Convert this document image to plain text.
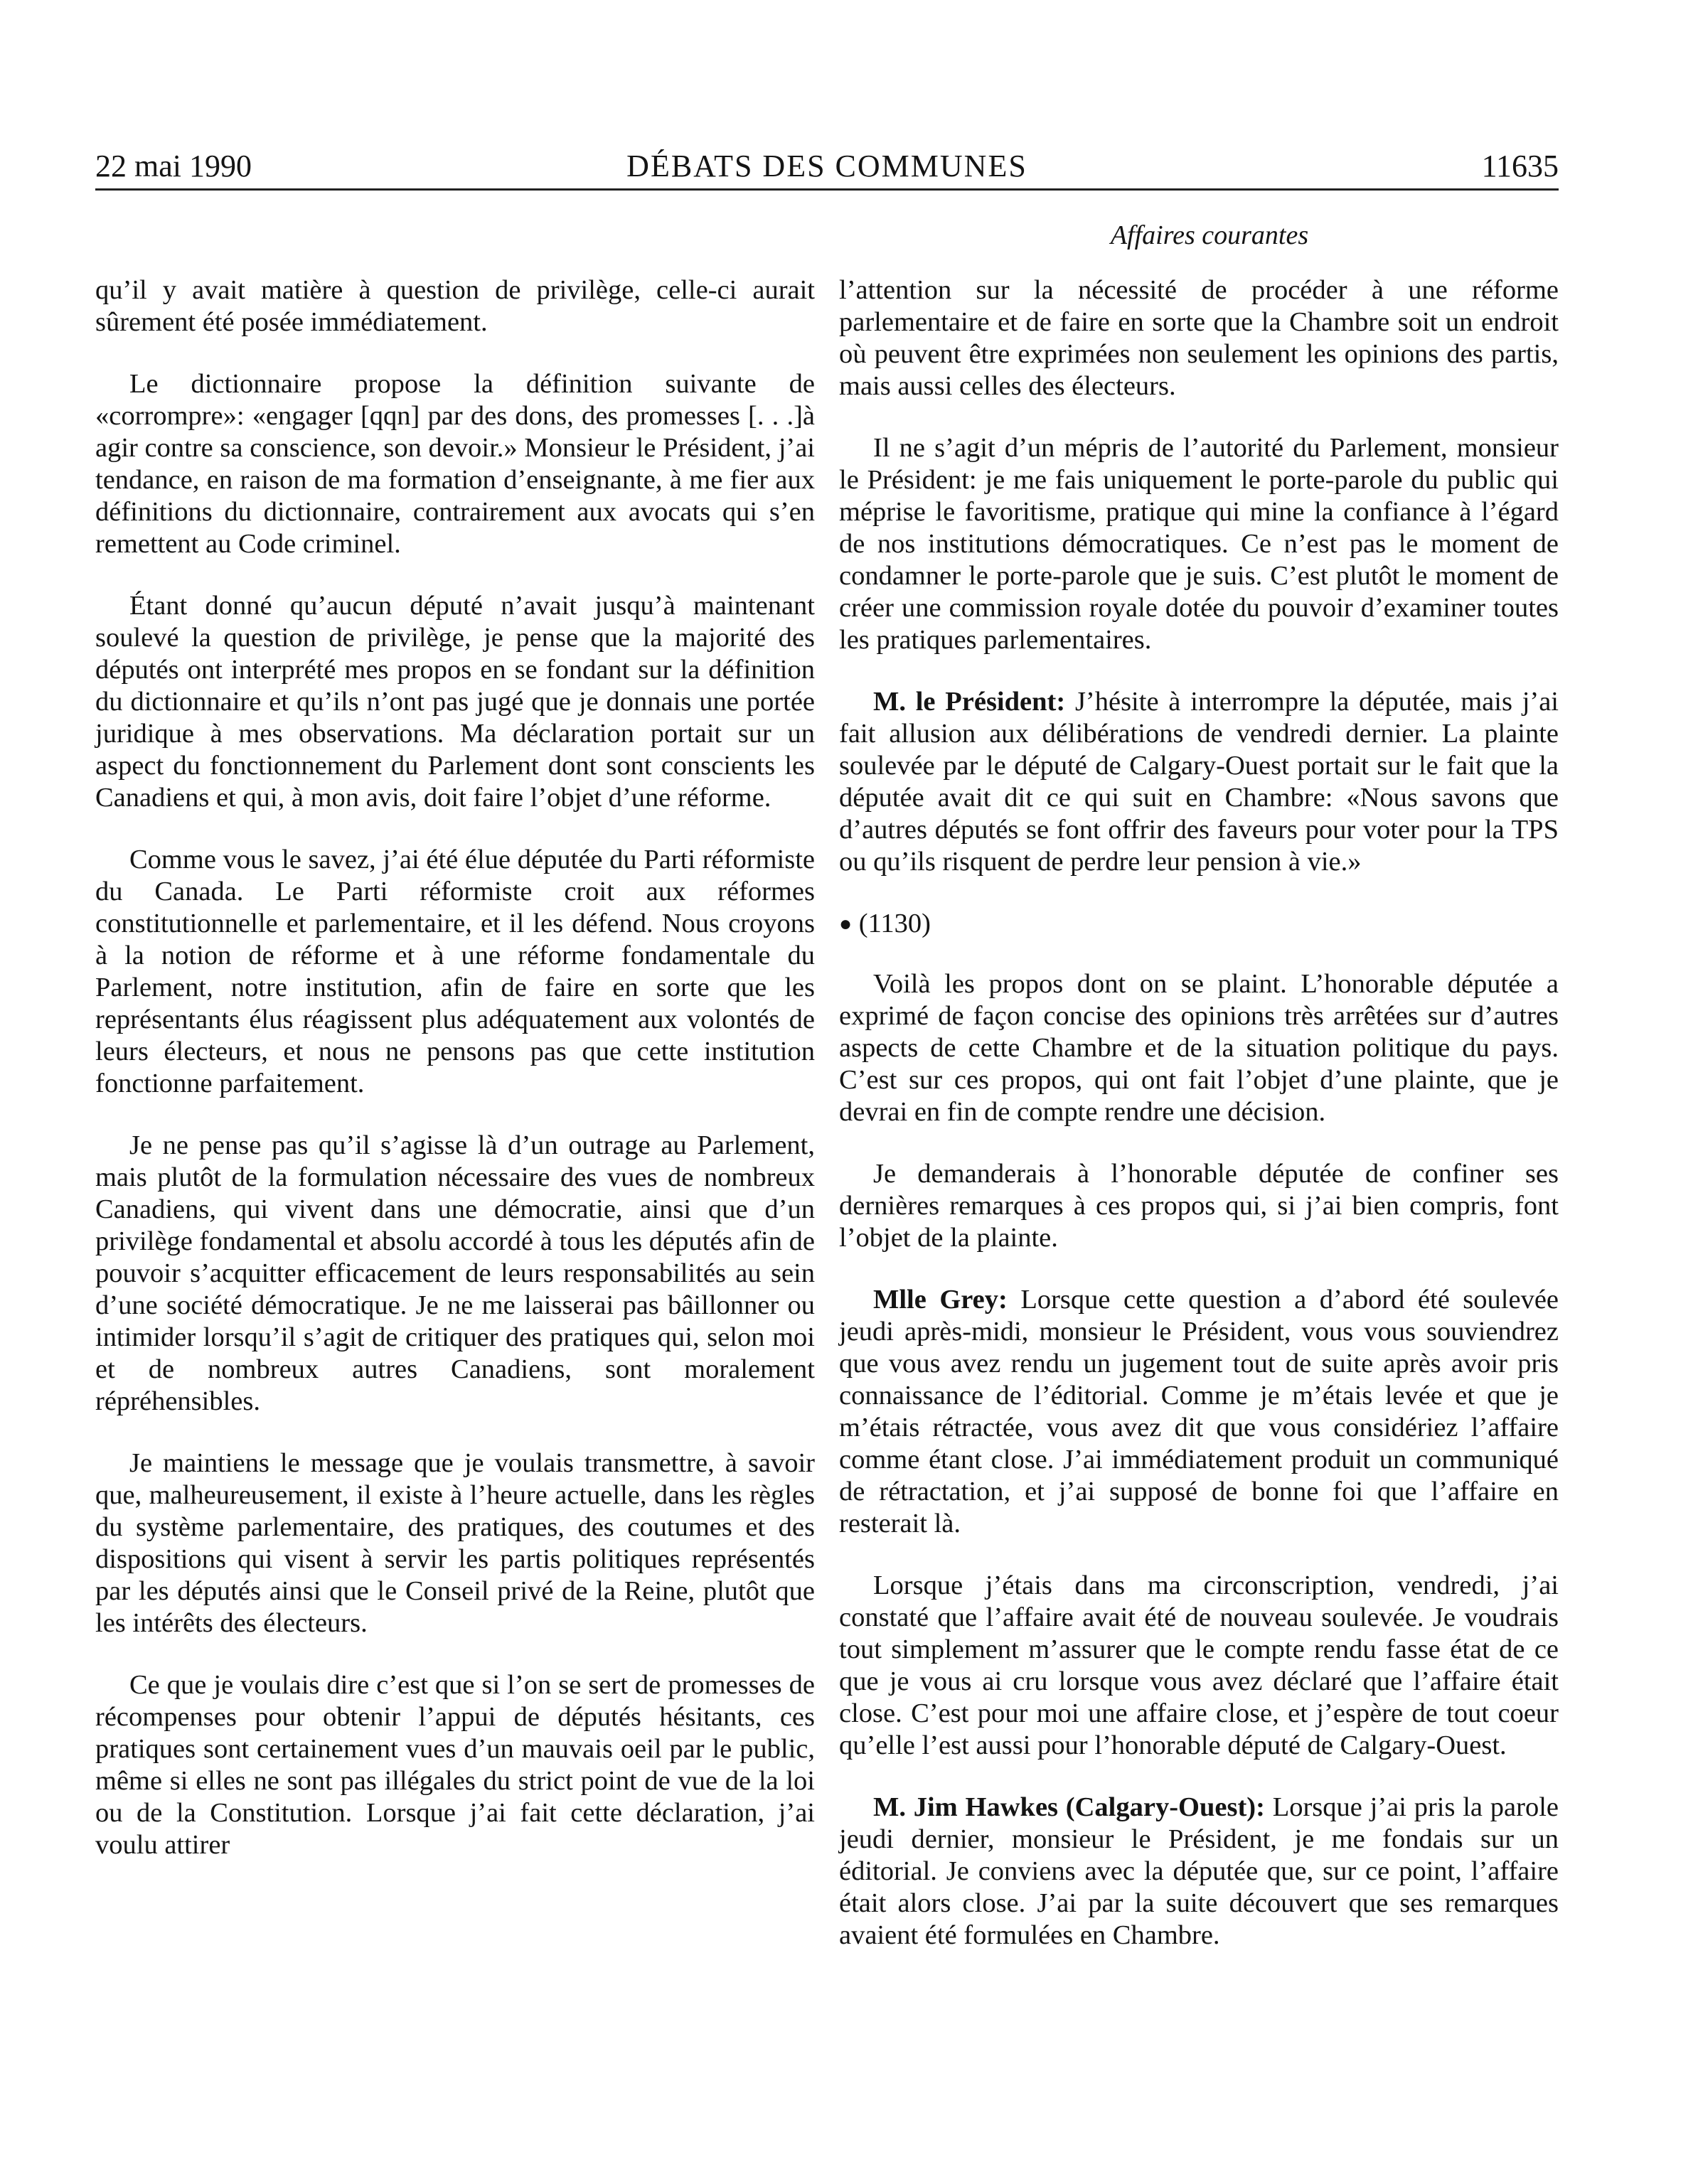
22 mai 1990	DÉBATS DES COMMUNES	11635
Affaires courantes

qu’il y avait matière à question de privilège, celle-ci aurait sûrement été posée immédiatement.

Le dictionnaire propose la définition suivante de «corrompre»: «engager [qqn] par des dons, des promesses [. . .]à agir contre sa conscience, son devoir.» Monsieur le Président, j’ai tendance, en raison de ma formation d’enseignante, à me fier aux définitions du dictionnaire, contrairement aux avocats qui s’en remettent au Code criminel.

Étant donné qu’aucun député n’avait jusqu’à maintenant soulevé la question de privilège, je pense que la majorité des députés ont interprété mes propos en se fondant sur la définition du dictionnaire et qu’ils n’ont pas jugé que je donnais une portée juridique à mes observations. Ma déclaration portait sur un aspect du fonctionnement du Parlement dont sont conscients les Canadiens et qui, à mon avis, doit faire l’objet d’une réforme.

Comme vous le savez, j’ai été élue députée du Parti réformiste du Canada. Le Parti réformiste croit aux réformes constitutionnelle et parlementaire, et il les défend. Nous croyons à la notion de réforme et à une réforme fondamentale du Parlement, notre institution, afin de faire en sorte que les représentants élus réagissent plus adéquatement aux volontés de leurs électeurs, et nous ne pensons pas que cette institution fonctionne parfaitement.

Je ne pense pas qu’il s’agisse là d’un outrage au Parlement, mais plutôt de la formulation nécessaire des vues de nombreux Canadiens, qui vivent dans une démocratie, ainsi que d’un privilège fondamental et absolu accordé à tous les députés afin de pouvoir s’acquitter efficacement de leurs responsabilités au sein d’une société démocratique. Je ne me laisserai pas bâillonner ou intimider lorsqu’il s’agit de critiquer des pratiques qui, selon moi et de nombreux autres Canadiens, sont moralement répréhensibles.

Je maintiens le message que je voulais transmettre, à savoir que, malheureusement, il existe à l’heure actuelle, dans les règles du système parlementaire, des pratiques, des coutumes et des dispositions qui visent à servir les partis politiques représentés par les députés ainsi que le Conseil privé de la Reine, plutôt que les intérêts des électeurs.

Ce que je voulais dire c’est que si l’on se sert de promesses de récompenses pour obtenir l’appui de députés hésitants, ces pratiques sont certainement vues d’un mauvais oeil par le public, même si elles ne sont pas illégales du strict point de vue de la loi ou de la Constitution. Lorsque j’ai fait cette déclaration, j’ai voulu attirer

l’attention sur la nécessité de procéder à une réforme parlementaire et de faire en sorte que la Chambre soit un endroit où peuvent être exprimées non seulement les opinions des partis, mais aussi celles des électeurs.

Il ne s’agit d’un mépris de l’autorité du Parlement, monsieur le Président: je me fais uniquement le porte-parole du public qui méprise le favoritisme, pratique qui mine la confiance à l’égard de nos institutions démocratiques. Ce n’est pas le moment de condamner le porte-parole que je suis. C’est plutôt le moment de créer une commission royale dotée du pouvoir d’examiner toutes les pratiques parlementaires.

M. le Président: J’hésite à interrompre la députée, mais j’ai fait allusion aux délibérations de vendredi dernier. La plainte soulevée par le député de Calgary-Ouest portait sur le fait que la députée avait dit ce qui suit en Chambre: «Nous savons que d’autres députés se font offrir des faveurs pour voter pour la TPS ou qu’ils risquent de perdre leur pension à vie.»

● (1130)

Voilà les propos dont on se plaint. L’honorable députée a exprimé de façon concise des opinions très arrêtées sur d’autres aspects de cette Chambre et de la situation politique du pays. C’est sur ces propos, qui ont fait l’objet d’une plainte, que je devrai en fin de compte rendre une décision.

Je demanderais à l’honorable députée de confiner ses dernières remarques à ces propos qui, si j’ai bien compris, font l’objet de la plainte.

Mlle Grey: Lorsque cette question a d’abord été soulevée jeudi après-midi, monsieur le Président, vous vous souviendrez que vous avez rendu un jugement tout de suite après avoir pris connaissance de l’éditorial. Comme je m’étais levée et que je m’étais rétractée, vous avez dit que vous considériez l’affaire comme étant close. J’ai immédiatement produit un communiqué de rétractation, et j’ai supposé de bonne foi que l’affaire en resterait là.

Lorsque j’étais dans ma circonscription, vendredi, j’ai constaté que l’affaire avait été de nouveau soulevée. Je voudrais tout simplement m’assurer que le compte rendu fasse état de ce que je vous ai cru lorsque vous avez déclaré que l’affaire était close. C’est pour moi une affaire close, et j’espère de tout coeur qu’elle l’est aussi pour l’honorable député de Calgary-Ouest.

M. Jim Hawkes (Calgary-Ouest): Lorsque j’ai pris la parole jeudi dernier, monsieur le Président, je me fondais sur un éditorial. Je conviens avec la députée que, sur ce point, l’affaire était alors close. J’ai par la suite découvert que ses remarques avaient été formulées en Chambre.
